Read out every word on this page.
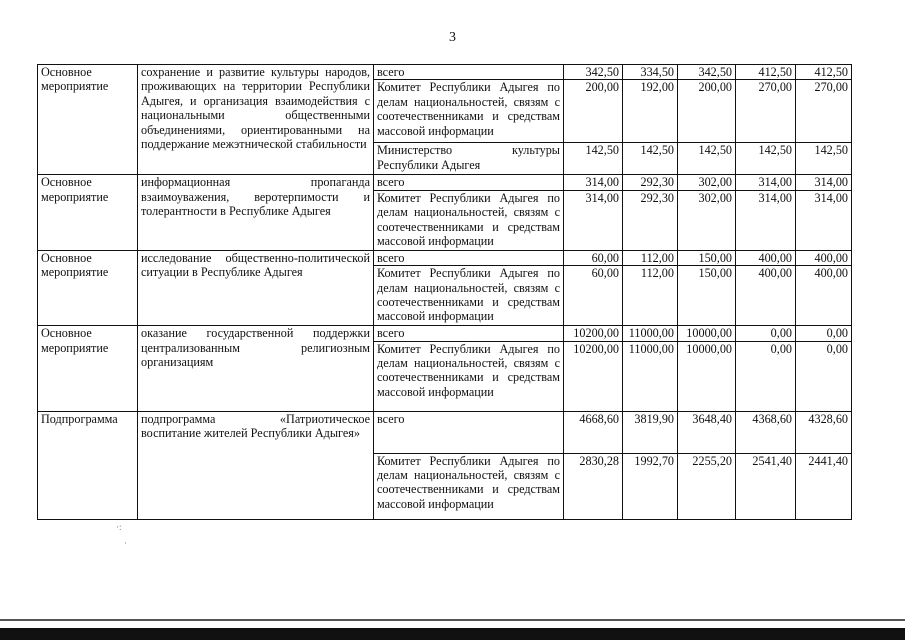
3
Основное мероприятие	сохранение и развитие культуры народов, проживающих на территории Республики Адыгея, и организация взаимодействия с национальными общественными объединениями, ориентированными на поддержание межэтнической стабильности	всего	342,50	334,50	342,50	412,50	412,50
		Комитет Республики Адыгея по делам национальностей, связям с соотечественниками и средствам массовой информации	200,00	192,00	200,00	270,00	270,00
		Министерство культуры Республики Адыгея	142,50	142,50	142,50	142,50	142,50
Основное мероприятие	информационная пропаганда взаимоуважения, веротерпимости и толерантности в Республике Адыгея	всего	314,00	292,30	302,00	314,00	314,00
		Комитет Республики Адыгея по делам национальностей, связям с соотечественниками и средствам массовой информации	314,00	292,30	302,00	314,00	314,00
Основное мероприятие	исследование общественно-политической ситуации в Республике Адыгея	всего	60,00	112,00	150,00	400,00	400,00
		Комитет Республики Адыгея по делам национальностей, связям с соотечественниками и средствам массовой информации	60,00	112,00	150,00	400,00	400,00
Основное мероприятие	оказание государственной поддержки централизованным религиозным организациям	всего	10200,00	11000,00	10000,00	0,00	0,00
		Комитет Республики Адыгея по делам национальностей, связям с соотечественниками и средствам массовой информации	10200,00	11000,00	10000,00	0,00	0,00
Подпрограмма	подпрограмма «Патриотическое воспитание жителей Республики Адыгея»	всего	4668,60	3819,90	3648,40	4368,60	4328,60
		Комитет Республики Адыгея по делам национальностей, связям с соотечественниками и средствам массовой информации	2830,28	1992,70	2255,20	2541,40	2441,40
·:
·
